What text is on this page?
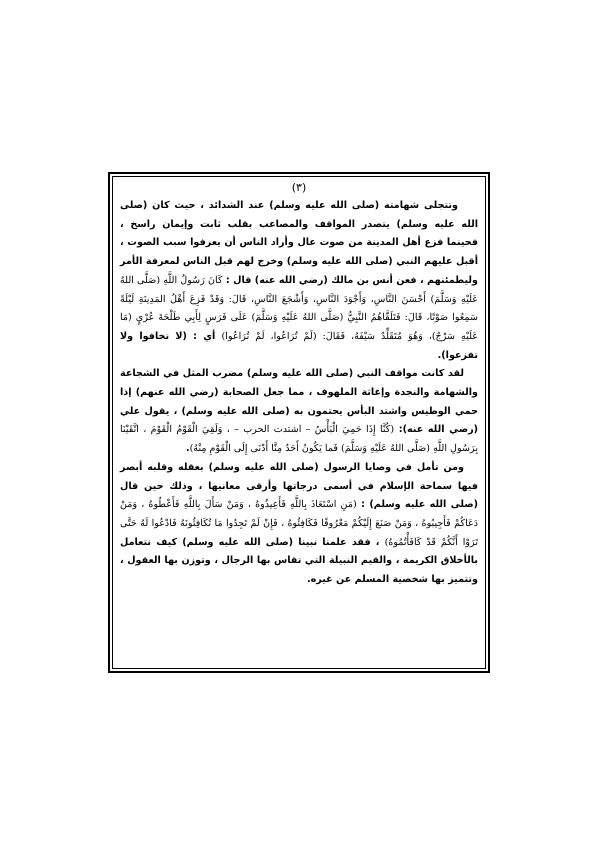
(٣)

وتتجلى شهامته (صلى الله عليه وسلم) عند الشدائد ، حيث كان (صلى الله عليه وسلم) يتصدر المواقف والمصاعب بقلب ثابت وإيمان راسخ ، فحينما فزع أهل المدينة من صوت عال وأراد الناس أن يعرفوا سبب الصوت ، أقبل عليهم النبي (صلى الله عليه وسلم) وخرج لهم قبل الناس لمعرفة الأمر وليطمئنهم ، فعن أنس بن مالك (رضي الله عنه) قال : كَانَ رَسُولُ اللَّهِ (صَلَّى اللهُ عَلَيْهِ وَسَلَّمَ) أَحْسَنَ النَّاسِ، وَأَجْوَدَ النَّاسِ، وَأَشْجَعَ النَّاسِ، قَالَ: وَقَدْ فَزِعَ أَهْلُ المَدِينَةِ لَيْلَةً سَمِعُوا صَوْتًا، قَالَ: فَتَلَقَّاهُمُ النَّبِيُّ (صَلَّى اللهُ عَلَيْهِ وَسَلَّمَ) عَلَى فَرَسٍ لِأَبِي طَلْحَةَ عُرْيٍ (مَا عَلَيْهِ سَرْجٌ)، وَهُوَ مُتَقَلِّدٌ سَيْفَهُ، فَقَالَ: (لَمْ تُرَاعُوا، لَمْ تُرَاعُوا) أي : (لا تخافوا ولا تفزعوا).

لقد كانت مواقف النبي (صلى الله عليه وسلم) مضرب المثل في الشجاعة والشهامة والنجدة وإغاثة الملهوف ، مما جعل الصحابة (رضي الله عنهم) إذا حمي الوطيس واشتد البأس يحتمون به (صلى الله عليه وسلم) ، يقول علي (رضي الله عنه): (كُنَّا إِذَا حَمِيَ الْبَأْسُ – اشتدت الحرب – ، وَلَقِيَ الْقَوْمُ الْقَوْمَ ، اتَّقَيْنَا بِرَسُولِ اللَّهِ (صَلَّى اللهُ عَلَيْهِ وَسَلَّمَ) فَما يَكُونُ أَحَدٌ مِنَّا أَدْنَى إِلَى الْقَوْمِ مِنْهُ).

ومن تأمل في وصايا الرسول (صلى الله عليه وسلم) بعقله وقلبه أبصر فيها سماحة الإسلام في أسمى درجاتها وأرقى معانيها ، وذلك حين قال (صلى الله عليه وسلم) : (مَنِ اسْتَعَاذَ بِاللَّهِ فَأَعِيذُوهُ ، وَمَنْ سَأَلَ بِاللَّهِ فَأَعْطُوهُ ، وَمَنْ دَعَاكُمْ فَأَجِيبُوهُ ، وَمَنْ صَنَعَ إِلَيْكُمْ مَعْرُوفًا فَكَافِئُوهُ ، فَإِنْ لَمْ تَجِدُوا مَا تُكَافِئُونَهُ فَادْعُوا لَهُ حَتَّى تَرَوْا أَنَّكُمْ قَدْ كَافَأْتُمُوهُ) ، فقد علمنا نبينا (صلى الله عليه وسلم) كيف نتعامل بالأخلاق الكريمة ، والقيم النبيلة التي تقاس بها الرجال ، وتوزن بها العقول ، وتتميز بها شخصية المسلم عن غيره.
